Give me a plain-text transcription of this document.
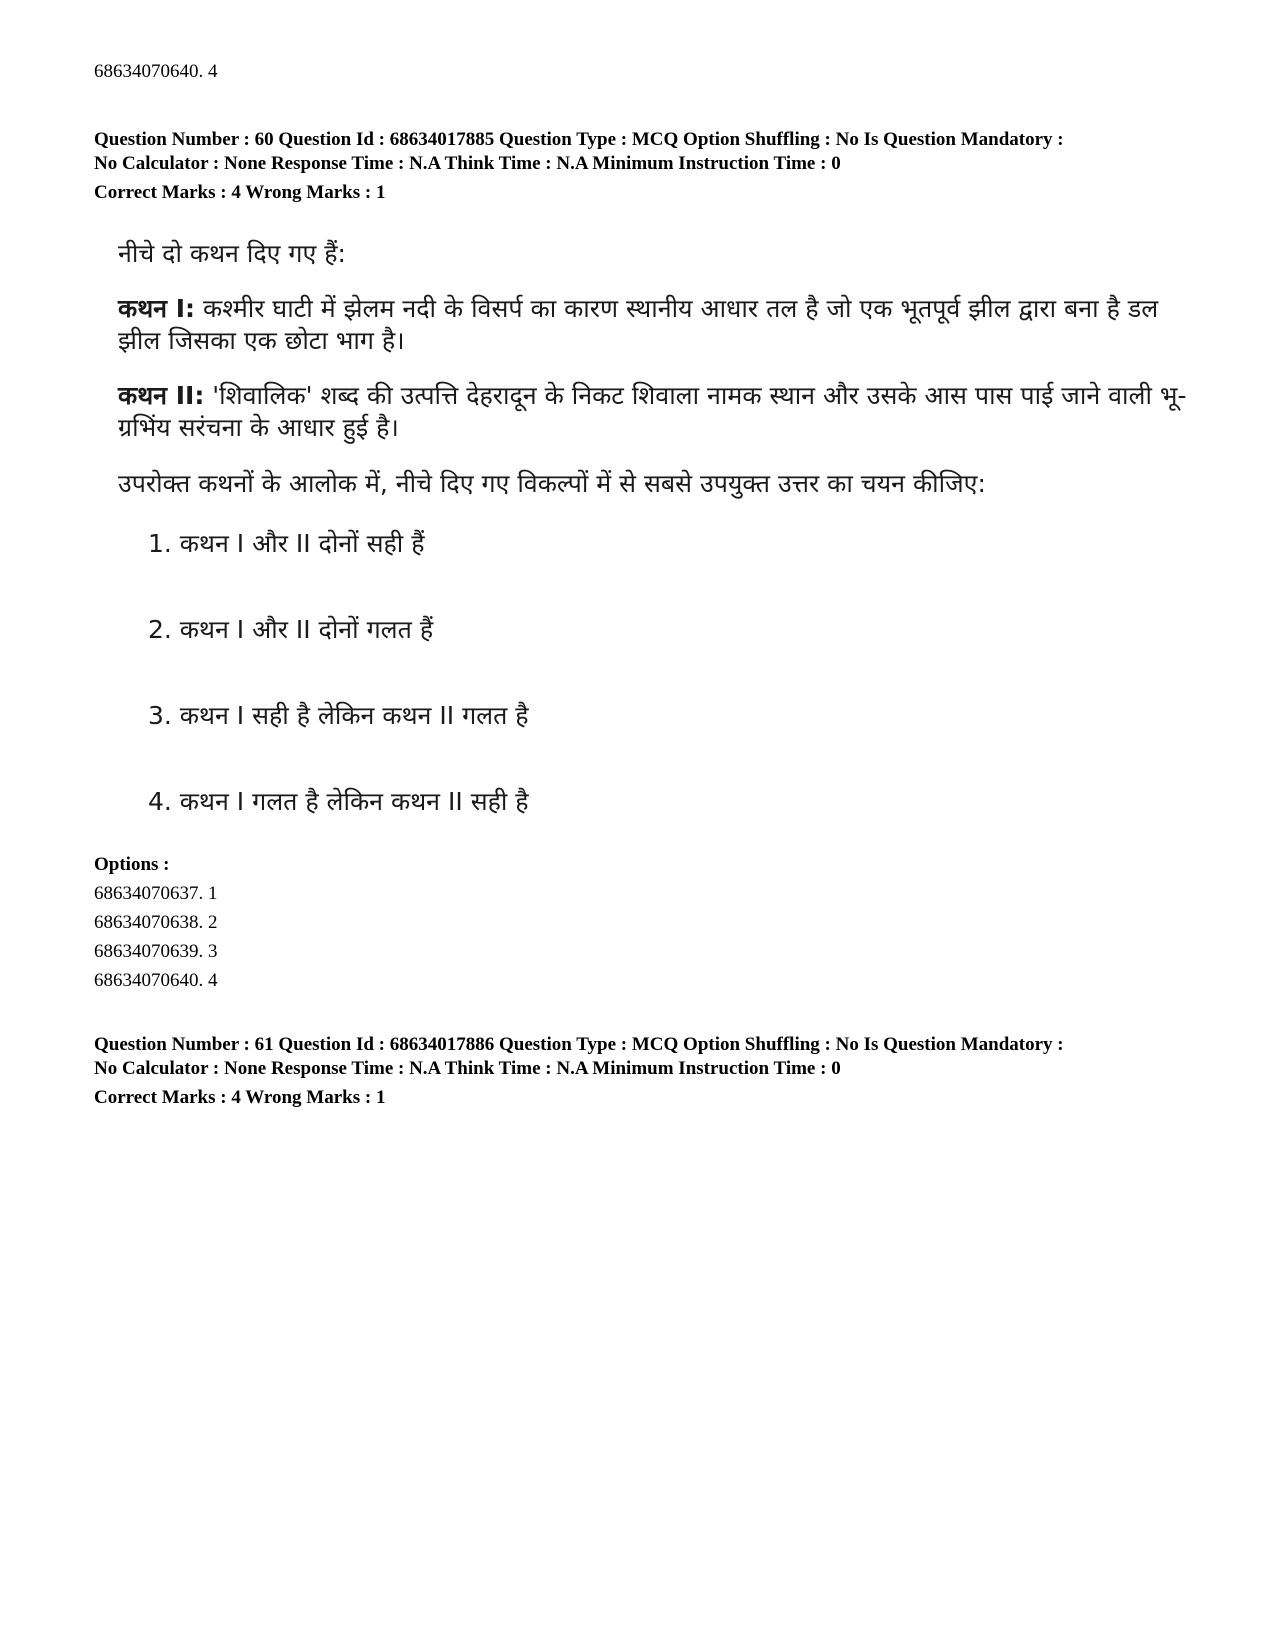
68634070640. 4

Question Number : 60 Question Id : 68634017885 Question Type : MCQ Option Shuffling : No Is Question Mandatory :

No Calculator : None Response Time : N.A Think Time : N.A Minimum Instruction Time : 0

Correct Marks : 4 Wrong Marks : 1

नीचे दो कथन दिए गए हैं:

कथन I: कश्मीर घाटी में झेलम नदी के विसर्प का कारण स्थानीय आधार तल है जो एक भूतपूर्व झील द्वारा बना है डल झील जिसका एक छोटा भाग है।

कथन II: 'शिवालिक' शब्द की उत्पत्ति देहरादून के निकट शिवाला नामक स्थान और उसके आस पास पाई जाने वाली भू-ग्रभिंय सरंचना के आधार हुई है।

उपरोक्त कथनों के आलोक में, नीचे दिए गए विकल्पों में से सबसे उपयुक्त उत्तर का चयन कीजिए:

1. कथन I और II दोनों सही हैं
2. कथन I और II दोनों गलत हैं
3. कथन I सही है लेकिन कथन II गलत है
4. कथन I गलत है लेकिन कथन II सही है

Options :

68634070637. 1

68634070638. 2

68634070639. 3

68634070640. 4

Question Number : 61 Question Id : 68634017886 Question Type : MCQ Option Shuffling : No Is Question Mandatory :

No Calculator : None Response Time : N.A Think Time : N.A Minimum Instruction Time : 0

Correct Marks : 4 Wrong Marks : 1
